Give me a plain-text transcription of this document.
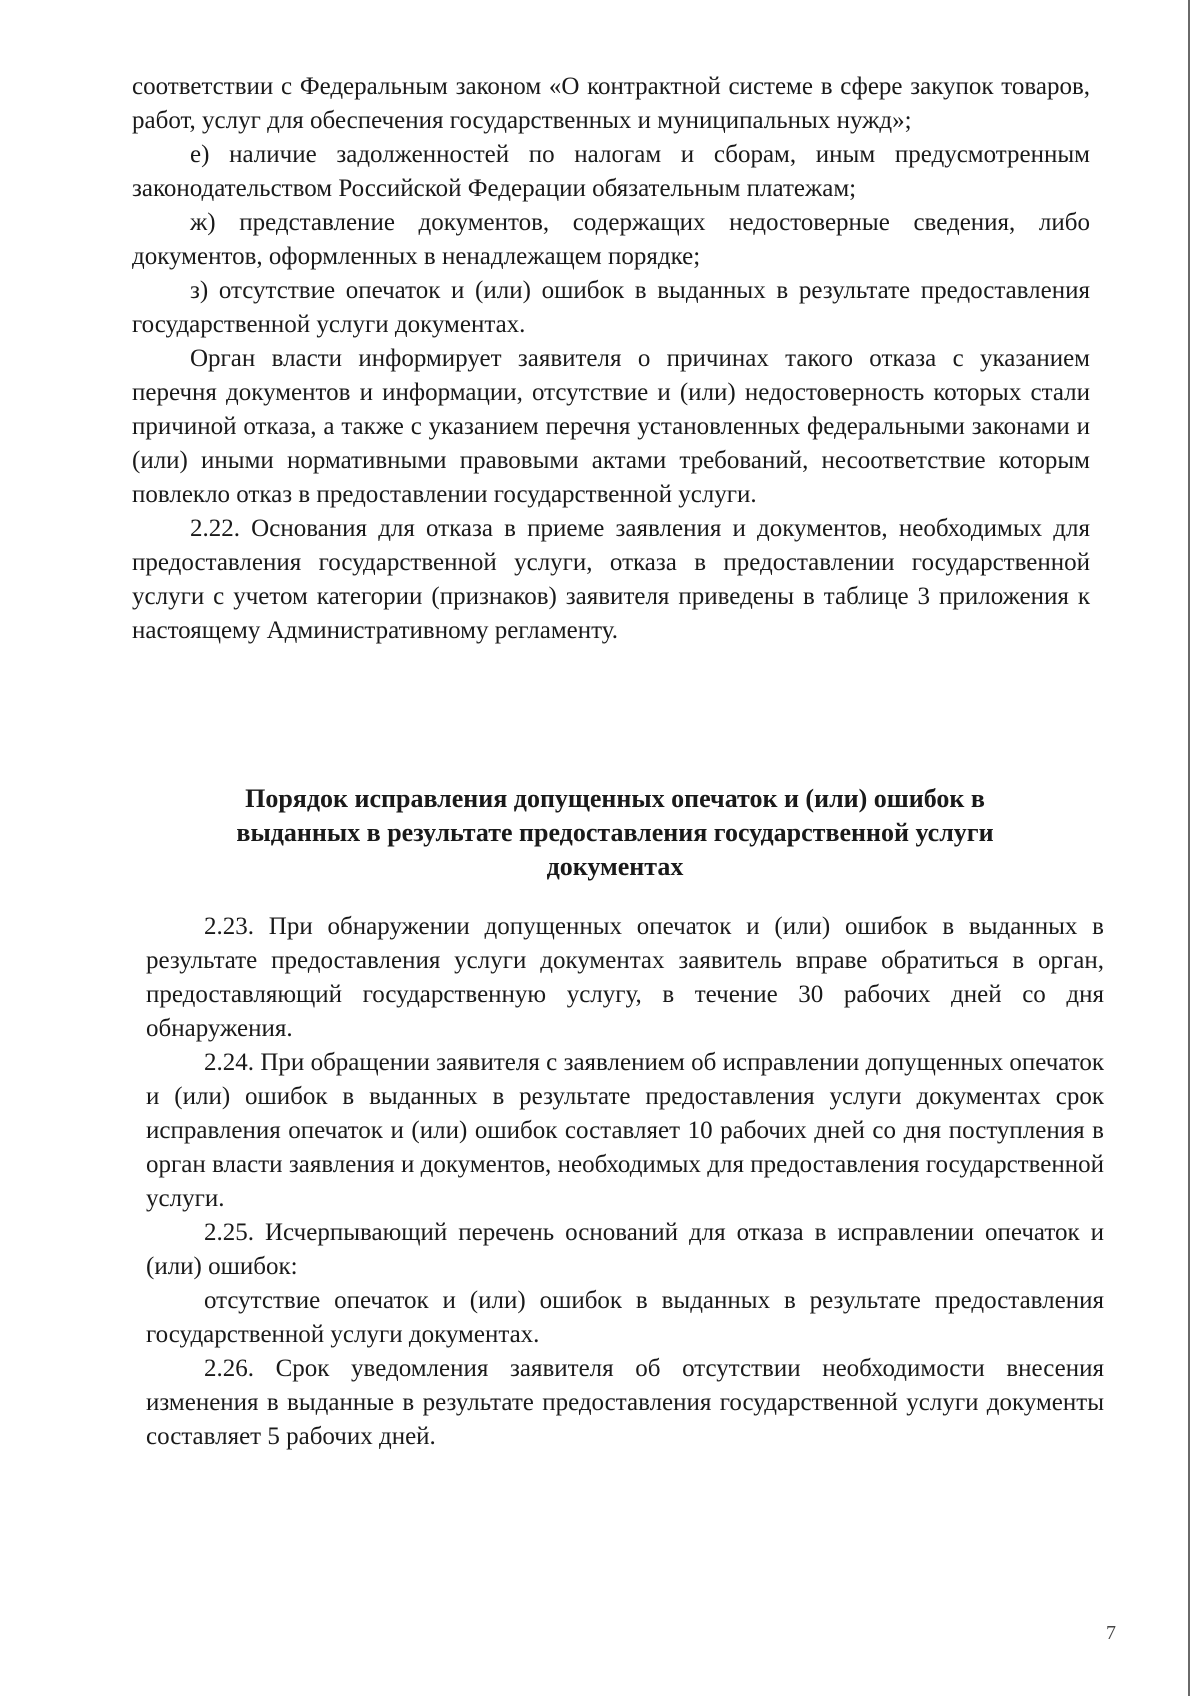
соответствии с Федеральным законом «О контрактной системе в сфере закупок товаров, работ, услуг для обеспечения государственных и муниципальных нужд»;

е) наличие задолженностей по налогам и сборам, иным предусмотренным законодательством Российской Федерации обязательным платежам;

ж) представление документов, содержащих недостоверные сведения, либо документов, оформленных в ненадлежащем порядке;

з) отсутствие опечаток и (или) ошибок в выданных в результате предоставления государственной услуги документах.

Орган власти информирует заявителя о причинах такого отказа с указанием перечня документов и информации, отсутствие и (или) недостоверность которых стали причиной отказа, а также с указанием перечня установленных федеральными законами и (или) иными нормативными правовыми актами требований, несоответствие которым повлекло отказ в предоставлении государственной услуги.

2.22. Основания для отказа в приеме заявления и документов, необходимых для предоставления государственной услуги, отказа в предоставлении государственной услуги с учетом категории (признаков) заявителя приведены в таблице 3 приложения к настоящему Административному регламенту.

Порядок исправления допущенных опечаток и (или) ошибок в выданных в результате предоставления государственной услуги документах

2.23. При обнаружении допущенных опечаток и (или) ошибок в выданных в результате предоставления услуги документах заявитель вправе обратиться в орган, предоставляющий государственную услугу, в течение 30 рабочих дней со дня обнаружения.

2.24. При обращении заявителя с заявлением об исправлении допущенных опечаток и (или) ошибок в выданных в результате предоставления услуги документах срок исправления опечаток и (или) ошибок составляет 10 рабочих дней со дня поступления в орган власти заявления и документов, необходимых для предоставления государственной услуги.

2.25. Исчерпывающий перечень оснований для отказа в исправлении опечаток и (или) ошибок:

отсутствие опечаток и (или) ошибок в выданных в результате предоставления государственной услуги документах.

2.26. Срок уведомления заявителя об отсутствии необходимости внесения изменения в выданные в результате предоставления государственной услуги документы составляет 5 рабочих дней.

7
